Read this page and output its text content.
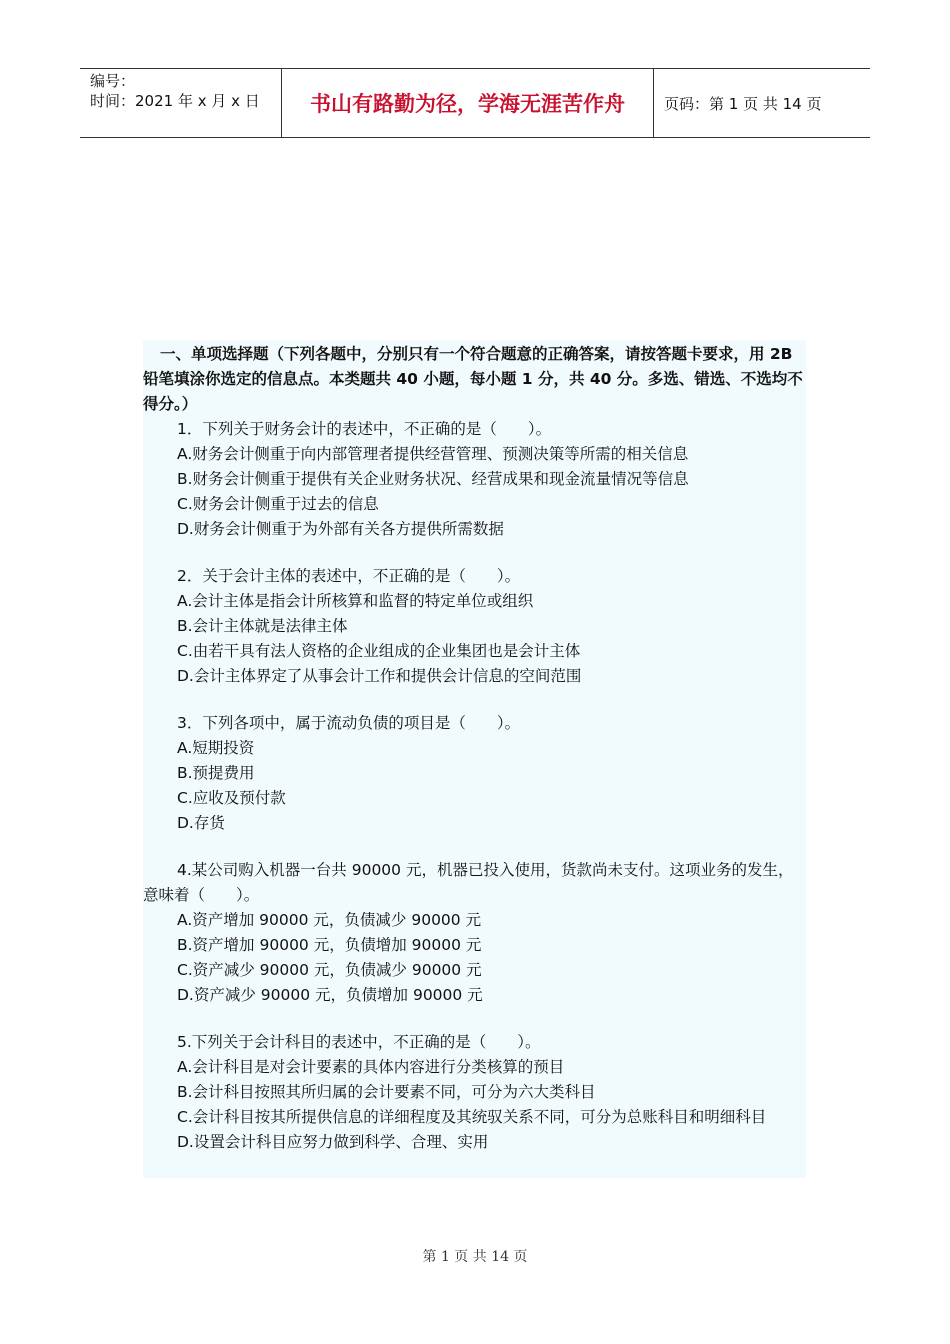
编号：
时间：2021 年 x 月 x 日	书山有路勤为径，学海无涯苦作舟	页码：第 1 页 共 14 页
一、单项选择题（下列各题中，分别只有一个符合题意的正确答案，请按答题卡要求，用 2B 铅笔填涂你选定的信息点。本类题共 40 小题，每小题 1 分，共 40 分。多选、错选、不选均不得分。）
1．下列关于财务会计的表述中，不正确的是（　　）。
A.财务会计侧重于向内部管理者提供经营管理、预测决策等所需的相关信息
B.财务会计侧重于提供有关企业财务状况、经营成果和现金流量情况等信息
C.财务会计侧重于过去的信息
D.财务会计侧重于为外部有关各方提供所需数据
2．关于会计主体的表述中，不正确的是（　　）。
A.会计主体是指会计所核算和监督的特定单位或组织
B.会计主体就是法律主体
C.由若干具有法人资格的企业组成的企业集团也是会计主体
D.会计主体界定了从事会计工作和提供会计信息的空间范围
3．下列各项中，属于流动负债的项目是（　　）。
A.短期投资
B.预提费用
C.应收及预付款
D.存货
4.某公司购入机器一台共 90000 元，机器已投入使用，货款尚未支付。这项业务的发生，意味着（　　）。
A.资产增加 90000 元，负债减少 90000 元
B.资产增加 90000 元，负债增加 90000 元
C.资产减少 90000 元，负债减少 90000 元
D.资产减少 90000 元，负债增加 90000 元
5.下列关于会计科目的表述中，不正确的是（　　）。
A.会计科目是对会计要素的具体内容进行分类核算的预目
B.会计科目按照其所归属的会计要素不同，可分为六大类科目
C.会计科目按其所提供信息的详细程度及其统驭关系不同，可分为总账科目和明细科目
D.设置会计科目应努力做到科学、合理、实用
第 1 页 共 14 页
